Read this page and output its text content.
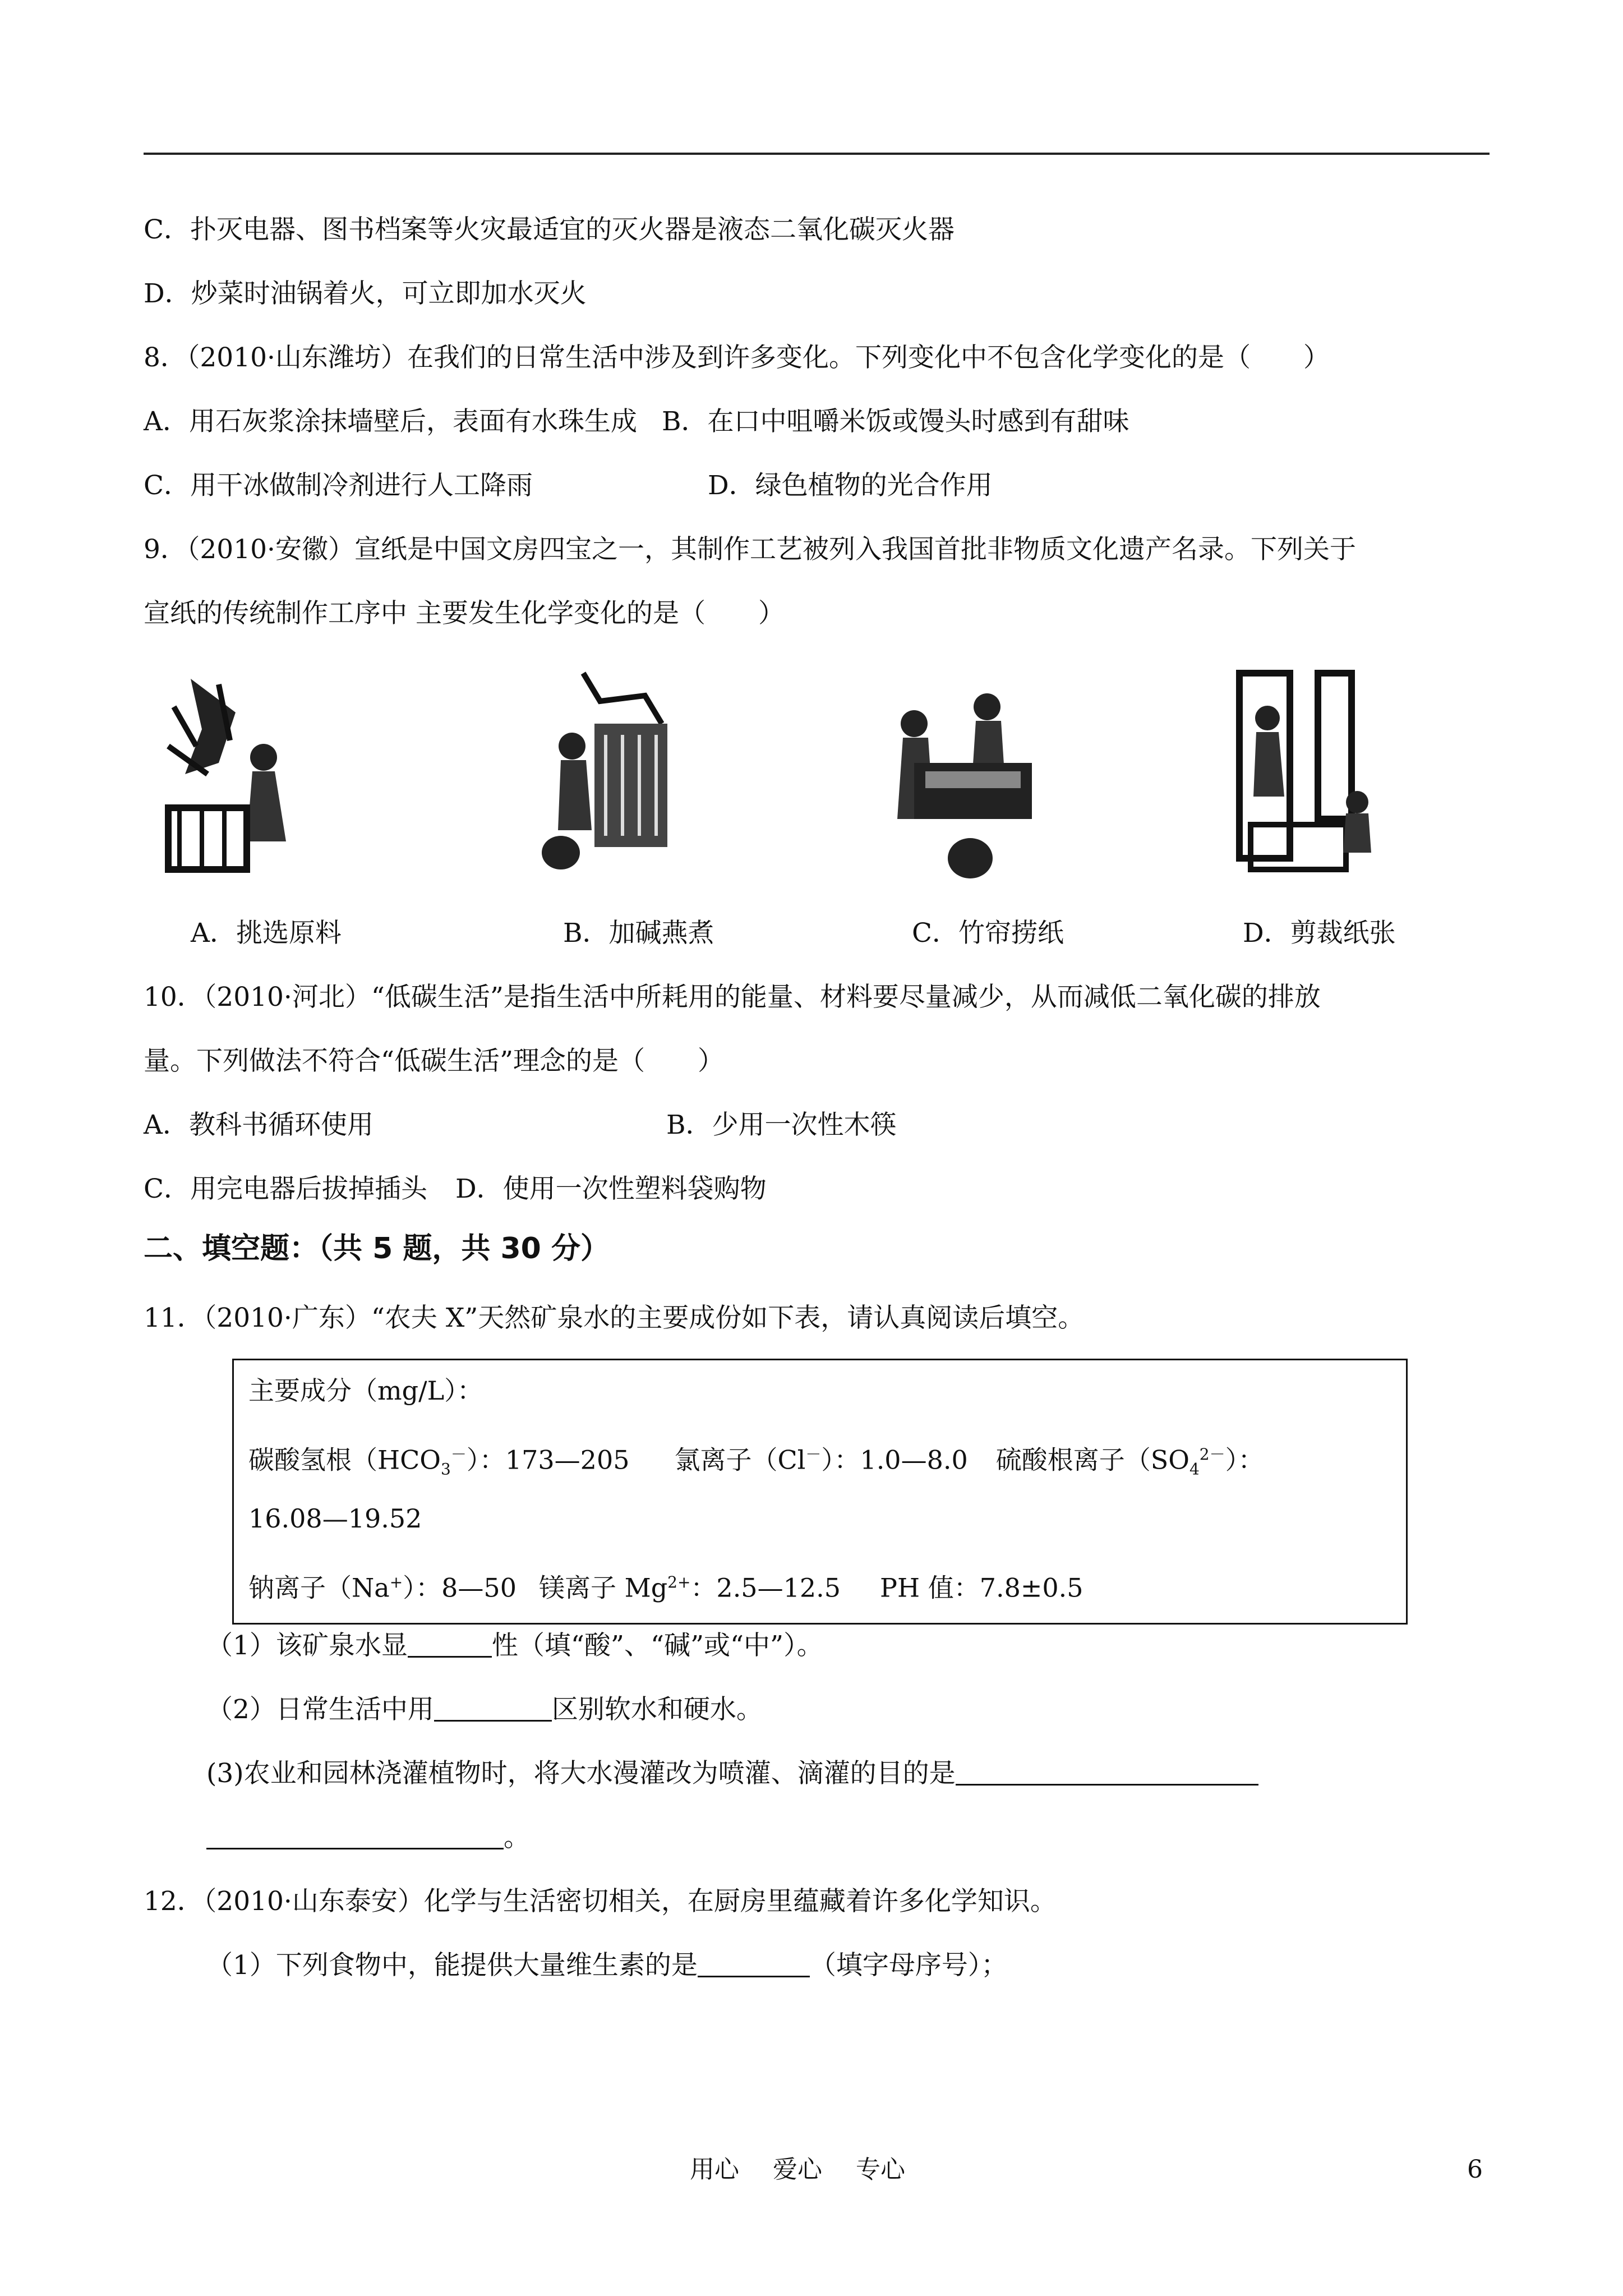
C．扑灭电器、图书档案等火灾最适宜的灭火器是液态二氧化碳灭火器
D．炒菜时油锅着火，可立即加水灭火
8．（2010·山东潍坊）在我们的日常生活中涉及到许多变化。下列变化中不包含化学变化的是（　　）
A．用石灰浆涂抹墙壁后，表面有水珠生成 B．在口中咀嚼米饭或馒头时感到有甜味
C．用干冰做制冷剂进行人工降雨	D．绿色植物的光合作用
9．（2010·安徽）宣纸是中国文房四宝之一，其制作工艺被列入我国首批非物质文化遗产名录。下列关于
宣纸的传统制作工序中 主要发生化学变化的是（　　）
A．挑选原料	B．加碱燕煮	C．竹帘捞纸	D．剪裁纸张
10．（2010·河北）“低碳生活”是指生活中所耗用的能量、材料要尽量减少，从而减低二氧化碳的排放
量。下列做法不符合“低碳生活”理念的是（　　）
A．教科书循环使用	B．少用一次性木筷
C．用完电器后拔掉插头 D．使用一次性塑料袋购物
二、填空题：（共 5 题，共 30 分）
11．（2010·广东）“农夫 X”天然矿泉水的主要成份如下表，请认真阅读后填空。
主要成分（mg/L）：
碳酸氢根$(HCO_3^-)$：173—205 氯离子（Cl－）：1.0—8.0 硫酸根离子$(SO_4^{2-})$：
16.08—19.52
钠离子（Na+）：8—50 镁离子 $Mg^{2+}$：2.5—12.5 PH 值：7.8±0.5
（1）该矿泉水显	性（填“酸”、“碱”或“中”）。
（2）日常生活中用	区别软水和硬水。
(3)农业和园林浇灌植物时，将大水漫灌改为喷灌、滴灌的目的是
。
12．（2010·山东泰安）化学与生活密切相关，在厨房里蕴藏着许多化学知识。
（1）下列食物中，能提供大量维生素的是	（填字母序号）；
用心 爱心 专心	6
